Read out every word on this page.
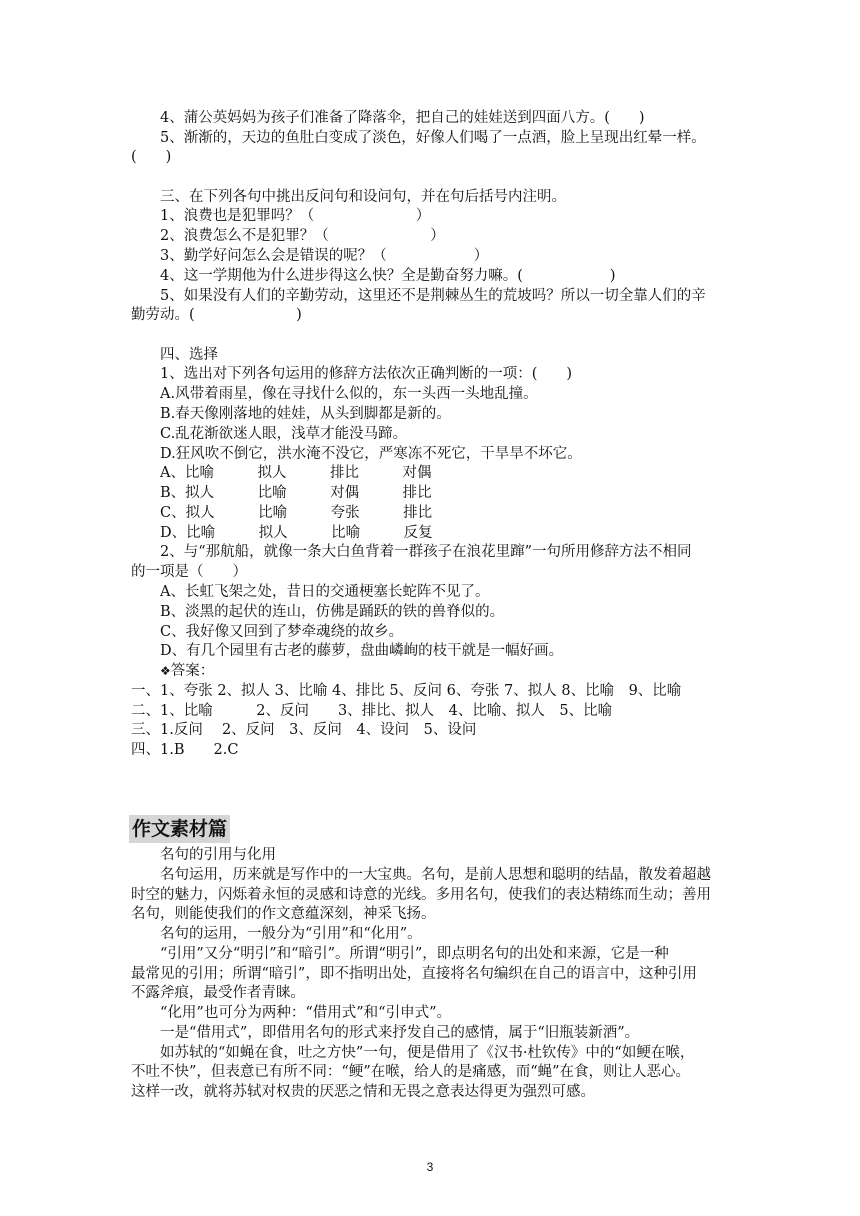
4、蒲公英妈妈为孩子们准备了降落伞，把自己的娃娃送到四面八方。(　　)
5、渐渐的，天边的鱼肚白变成了淡色，好像人们喝了一点酒，脸上呈现出红晕一样。
(　　)
三、在下列各句中挑出反问句和设问句，并在句后括号内注明。
1、浪费也是犯罪吗？（　　　　　　　）
2、浪费怎么不是犯罪？（　　　　　　　）
3、勤学好问怎么会是错误的呢？（　　　　　　）
4、这一学期他为什么进步得这么快？全是勤奋努力嘛。(　　　　　　)
5、如果没有人们的辛勤劳动，这里还不是荆棘丛生的荒坡吗？所以一切全靠人们的辛
勤劳动。(　　　　　　　)
四、选择
1、选出对下列各句运用的修辞方法依次正确判断的一项：(　　)
A.风带着雨星，像在寻找什么似的，东一头西一头地乱撞。
B.春天像刚落地的娃娃，从头到脚都是新的。
C.乱花渐欲迷人眼，浅草才能没马蹄。
D.狂风吹不倒它，洪水淹不没它，严寒冻不死它，干旱旱不坏它。
A、比喻　　　拟人　　　排比　　　对偶
B、拟人　　　比喻　　　对偶　　　排比
C、拟人　　　比喻　　　夸张　　　排比
D、比喻　　　拟人　　　比喻　　　反复
2、与“那航船，就像一条大白鱼背着一群孩子在浪花里蹿”一句所用修辞方法不相同
的一项是（　　）
A、长虹飞架之处，昔日的交通梗塞长蛇阵不见了。
B、淡黑的起伏的连山，仿佛是踊跃的铁的兽脊似的。
C、我好像又回到了梦牵魂绕的故乡。
D、有几个园里有古老的藤萝，盘曲嶙峋的枝干就是一幅好画。
一、1、夸张 2、拟人 3、比喻 4、排比 5、反问 6、夸张 7、拟人 8、比喻　9、比喻
二、1、比喻　　　2、反问　　3、排比、拟人　4、比喻、拟人　5、比喻
三、1.反问　 2、反问　3、反问　4、设问　5、设问
四、1.B　　2.C
名句的引用与化用
名句运用，历来就是写作中的一大宝典。名句，是前人思想和聪明的结晶，散发着超越
时空的魅力，闪烁着永恒的灵感和诗意的光线。多用名句，使我们的表达精练而生动；善用
名句，则能使我们的作文意蕴深刻，神采飞扬。
名句的运用，一般分为“引用”和“化用”。
“引用”又分“明引”和“暗引”。所谓“明引”，即点明名句的出处和来源，它是一种
最常见的引用；所谓“暗引”，即不指明出处，直接将名句编织在自己的语言中，这种引用
不露斧痕，最受作者青睐。
“化用”也可分为两种：“借用式”和“引申式”。
一是“借用式”，即借用名句的形式来抒发自己的感情，属于“旧瓶装新酒”。
如苏轼的“如蝇在食，吐之方快”一句，便是借用了《汉书·杜钦传》中的“如鲠在喉，
不吐不快”，但表意已有所不同：“鲠”在喉，给人的是痛感，而“蝇”在食，则让人恶心。
这样一改，就将苏轼对权贵的厌恶之情和无畏之意表达得更为强烈可感。
❖答案：
作文素材篇
3
